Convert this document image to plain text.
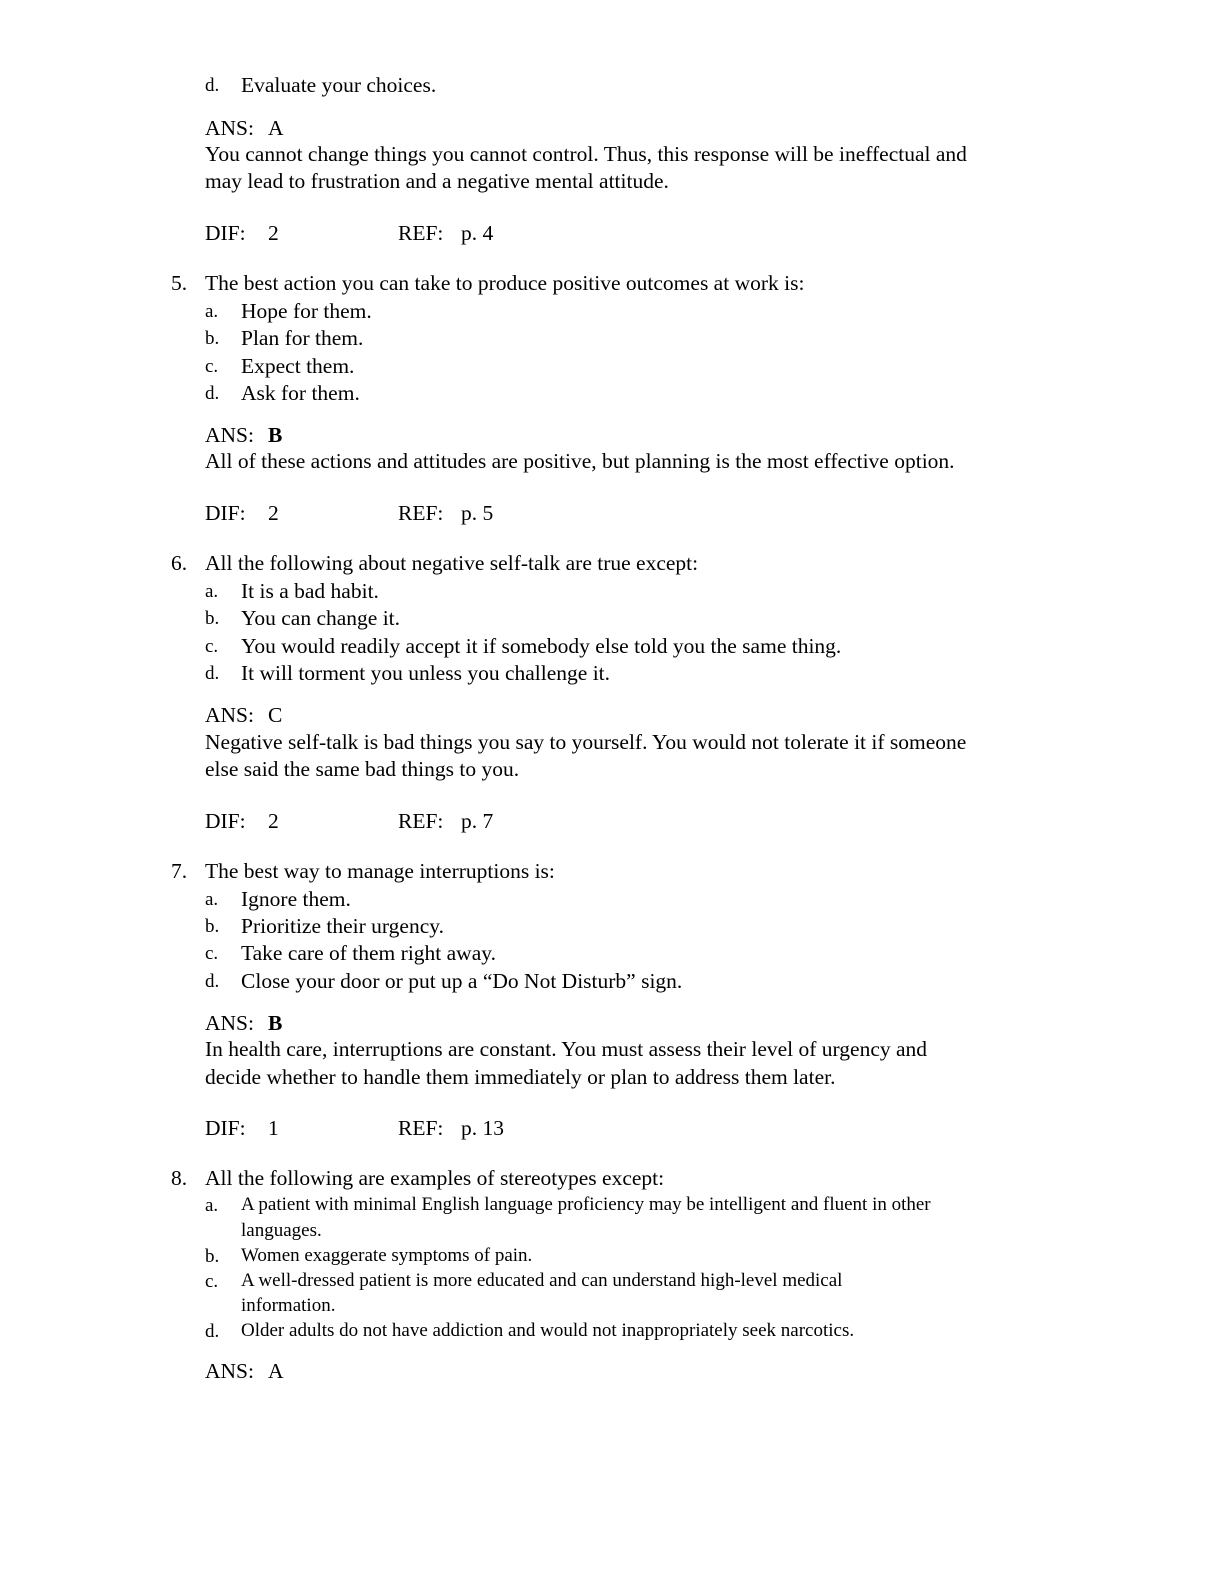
d. Evaluate your choices.
ANS: A
You cannot change things you cannot control. Thus, this response will be ineffectual and
may lead to frustration and a negative mental attitude.
DIF: 2	REF: p. 4
5. The best action you can take to produce positive outcomes at work is:
a. Hope for them.
b. Plan for them.
c. Expect them.
d. Ask for them.
ANS: B
All of these actions and attitudes are positive, but planning is the most effective option.
DIF: 2	REF: p. 5
6. All the following about negative self-talk are true except:
a. It is a bad habit.
b. You can change it.
c. You would readily accept it if somebody else told you the same thing.
d. It will torment you unless you challenge it.
ANS: C
Negative self-talk is bad things you say to yourself. You would not tolerate it if someone
else said the same bad things to you.
DIF: 2	REF: p. 7
7. The best way to manage interruptions is:
a. Ignore them.
b. Prioritize their urgency.
c. Take care of them right away.
d. Close your door or put up a “Do Not Disturb” sign.
ANS: B
In health care, interruptions are constant. You must assess their level of urgency and
decide whether to handle them immediately or plan to address them later.
DIF: 1	REF: p. 13
8. All the following are examples of stereotypes except:
a. A patient with minimal English language proficiency may be intelligent and fluent in other
languages.
b. Women exaggerate symptoms of pain.
c. A well-dressed patient is more educated and can understand high-level medical
information.
d. Older adults do not have addiction and would not inappropriately seek narcotics.
ANS: A
